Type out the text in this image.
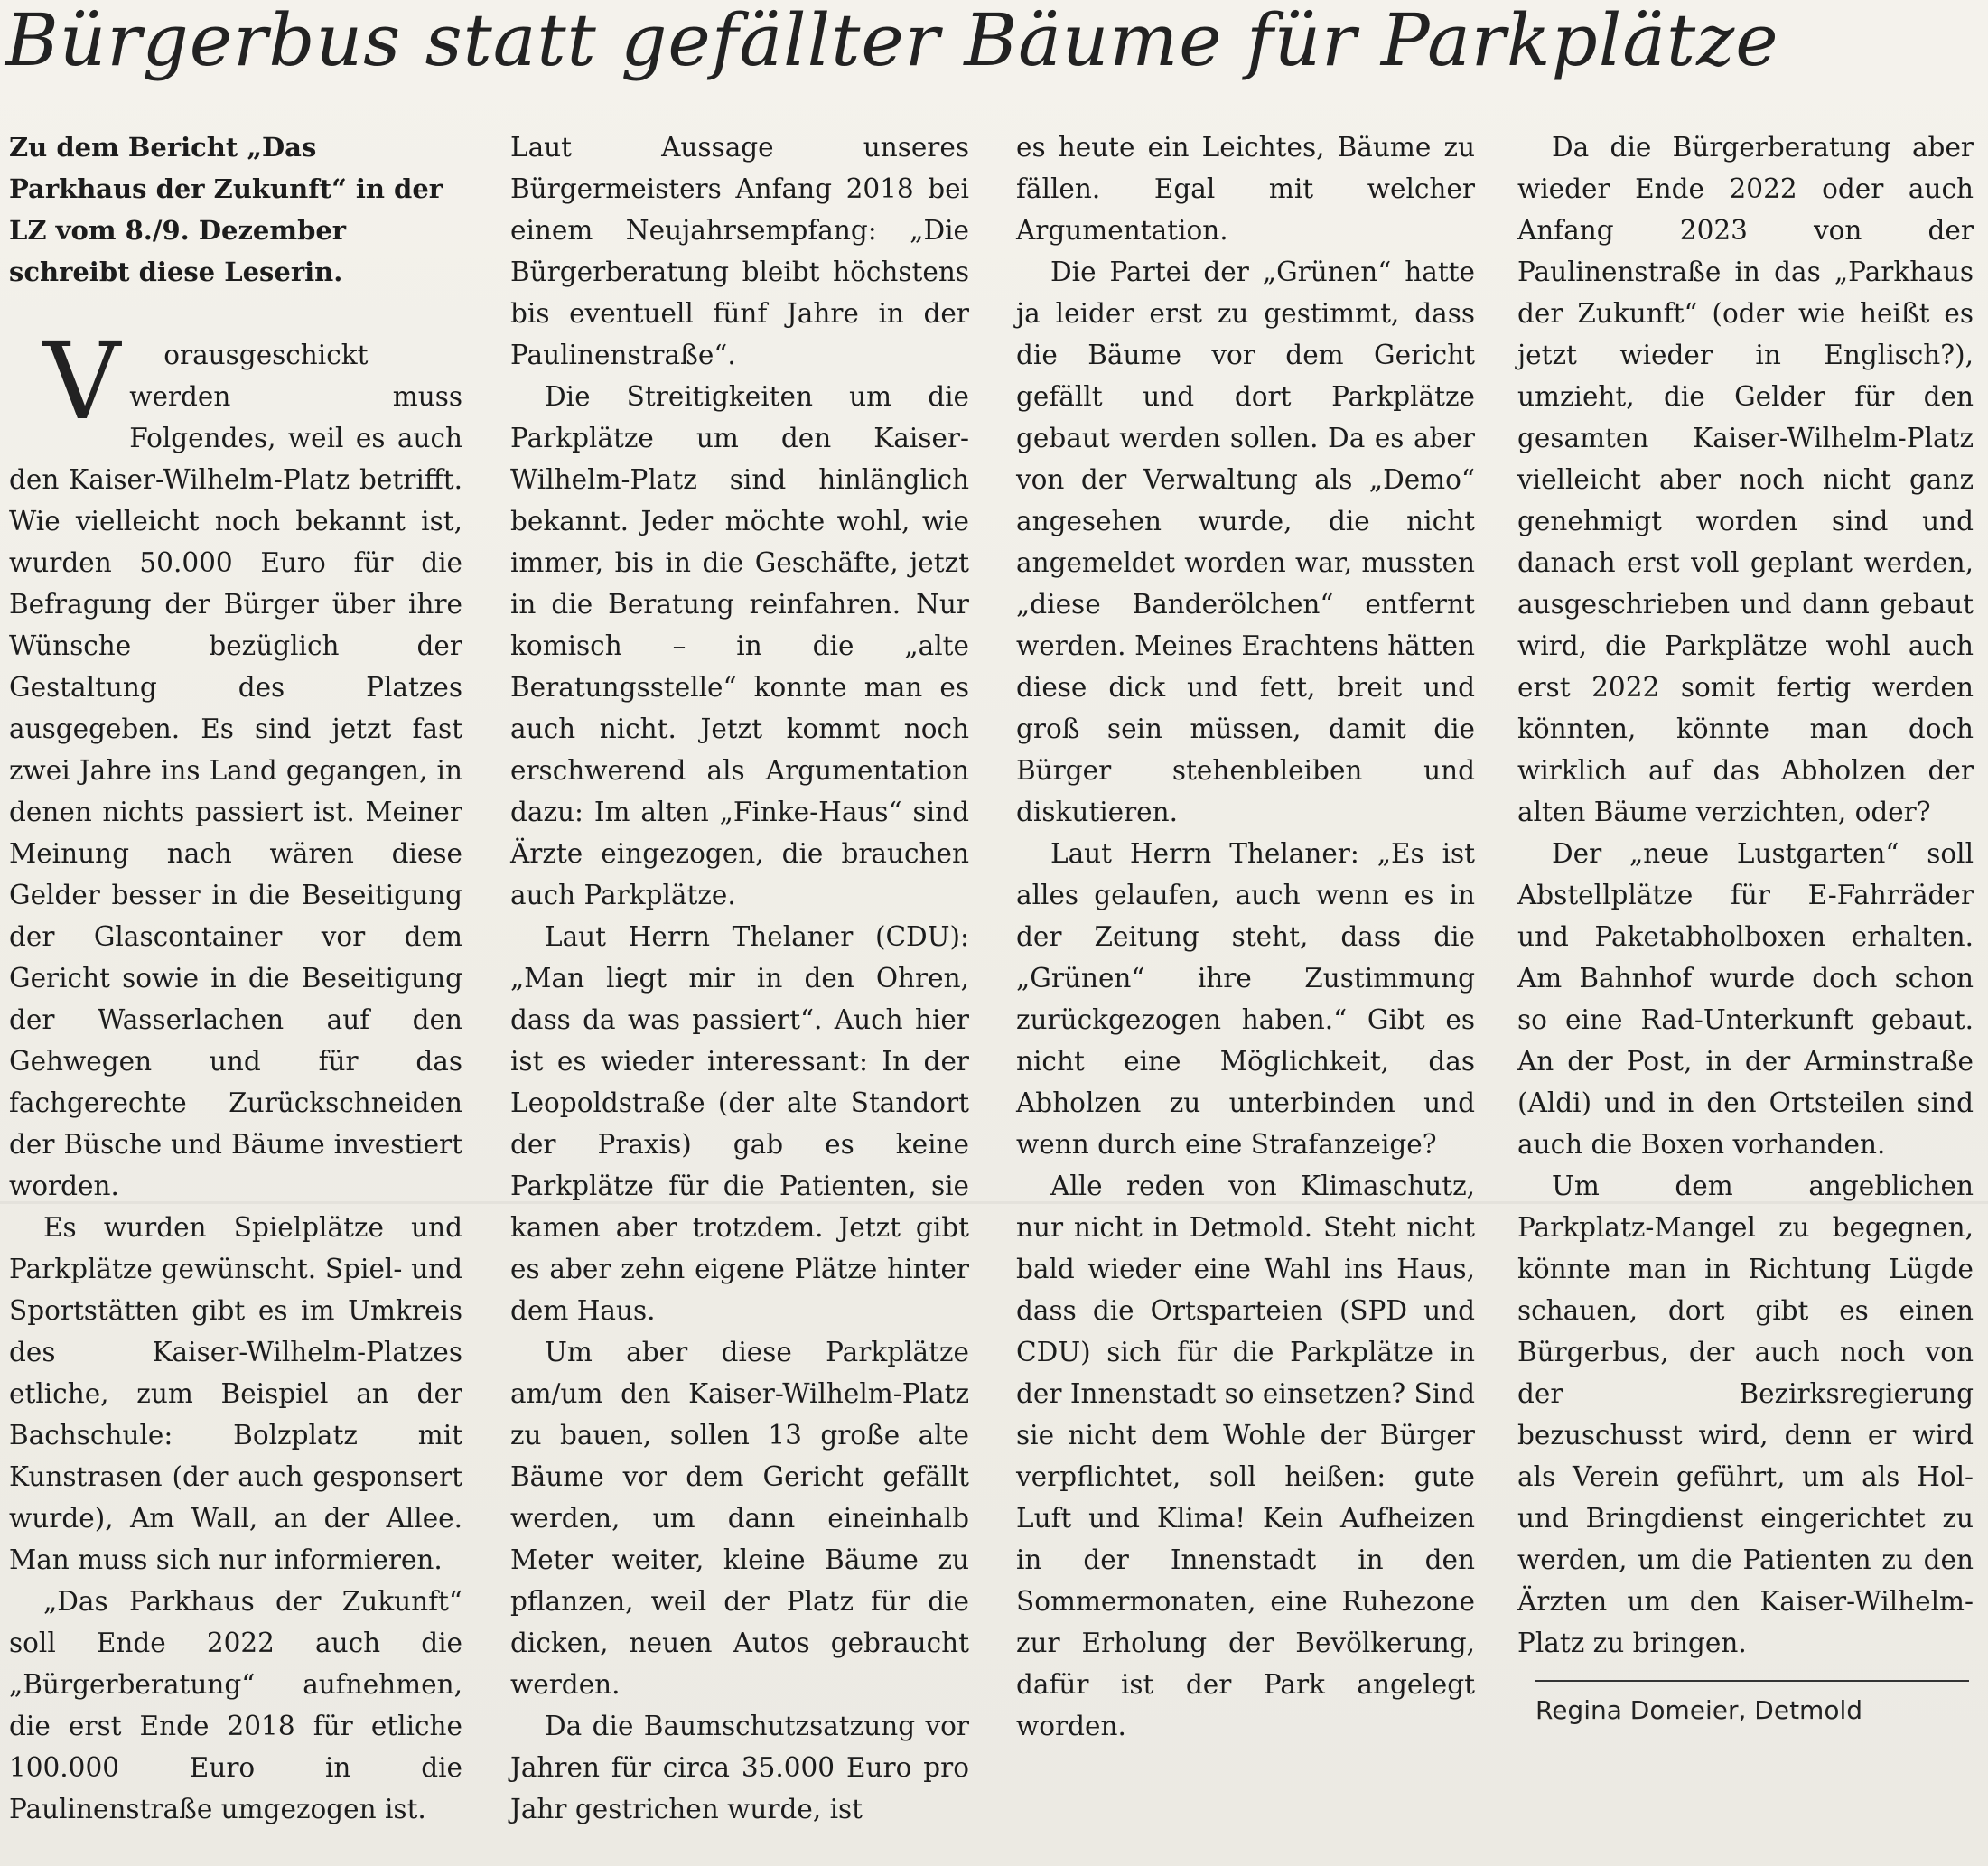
Bürgerbus statt gefällter Bäume für Parkplätze
Zu dem Bericht „Das Parkhaus der Zukunft“ in der LZ vom 8./9. Dezember schreibt diese Leserin.

V orausgeschickt werden muss Folgendes, weil es auch den Kaiser-Wilhelm-Platz betrifft. Wie vielleicht noch bekannt ist, wurden 50.000 Euro für die Befragung der Bürger über ihre Wünsche bezüglich der Gestaltung des Platzes ausgegeben. Es sind jetzt fast zwei Jahre ins Land gegangen, in denen nichts passiert ist. Meiner Meinung nach wären diese Gelder besser in die Beseitigung der Glascontainer vor dem Gericht sowie in die Beseitigung der Wasserlachen auf den Gehwegen und für das fachgerechte Zurückschneiden der Büsche und Bäume investiert worden.

Es wurden Spielplätze und Parkplätze gewünscht. Spiel- und Sportstätten gibt es im Umkreis des Kaiser-Wilhelm-Platzes etliche, zum Beispiel an der Bachschule: Bolzplatz mit Kunstrasen (der auch gesponsert wurde), Am Wall, an der Allee. Man muss sich nur informieren.

„Das Parkhaus der Zukunft“ soll Ende 2022 auch die „Bürgerberatung“ aufnehmen, die erst Ende 2018 für etliche 100.000 Euro in die Paulinenstraße umgezogen ist.

Laut Aussage unseres Bürgermeisters Anfang 2018 bei einem Neujahrsempfang: „Die Bürgerberatung bleibt höchstens bis eventuell fünf Jahre in der Paulinenstraße“.

Die Streitigkeiten um die Parkplätze um den Kaiser-Wilhelm-Platz sind hinlänglich bekannt. Jeder möchte wohl, wie immer, bis in die Geschäfte, jetzt in die Beratung reinfahren. Nur komisch – in die „alte Beratungsstelle“ konnte man es auch nicht. Jetzt kommt noch erschwerend als Argumentation dazu: Im alten „Finke-Haus“ sind Ärzte eingezogen, die brauchen auch Parkplätze.

Laut Herrn Thelaner (CDU): „Man liegt mir in den Ohren, dass da was passiert“. Auch hier ist es wieder interessant: In der Leopoldstraße (der alte Standort der Praxis) gab es keine Parkplätze für die Patienten, sie kamen aber trotzdem. Jetzt gibt es aber zehn eigene Plätze hinter dem Haus.

Um aber diese Parkplätze am/um den Kaiser-Wilhelm-Platz zu bauen, sollen 13 große alte Bäume vor dem Gericht gefällt werden, um dann eineinhalb Meter weiter, kleine Bäume zu pflanzen, weil der Platz für die dicken, neuen Autos gebraucht werden.

Da die Baumschutzsatzung vor Jahren für circa 35.000 Euro pro Jahr gestrichen wurde, ist

es heute ein Leichtes, Bäume zu fällen. Egal mit welcher Argumentation.

Die Partei der „Grünen“ hatte ja leider erst zu gestimmt, dass die Bäume vor dem Gericht gefällt und dort Parkplätze gebaut werden sollen. Da es aber von der Verwaltung als „Demo“ angesehen wurde, die nicht angemeldet worden war, mussten „diese Banderölchen“ entfernt werden. Meines Erachtens hätten diese dick und fett, breit und groß sein müssen, damit die Bürger stehenbleiben und diskutieren.

Laut Herrn Thelaner: „Es ist alles gelaufen, auch wenn es in der Zeitung steht, dass die „Grünen“ ihre Zustimmung zurückgezogen haben.“ Gibt es nicht eine Möglichkeit, das Abholzen zu unterbinden und wenn durch eine Strafanzeige?

Alle reden von Klimaschutz, nur nicht in Detmold. Steht nicht bald wieder eine Wahl ins Haus, dass die Ortsparteien (SPD und CDU) sich für die Parkplätze in der Innenstadt so einsetzen? Sind sie nicht dem Wohle der Bürger verpflichtet, soll heißen: gute Luft und Klima! Kein Aufheizen in der Innenstadt in den Sommermonaten, eine Ruhezone zur Erholung der Bevölkerung, dafür ist der Park angelegt worden.

Da die Bürgerberatung aber wieder Ende 2022 oder auch Anfang 2023 von der Paulinenstraße in das „Parkhaus der Zukunft“ (oder wie heißt es jetzt wieder in Englisch?), umzieht, die Gelder für den gesamten Kaiser-Wilhelm-Platz vielleicht aber noch nicht ganz genehmigt worden sind und danach erst voll geplant werden, ausgeschrieben und dann gebaut wird, die Parkplätze wohl auch erst 2022 somit fertig werden könnten, könnte man doch wirklich auf das Abholzen der alten Bäume verzichten, oder?

Der „neue Lustgarten“ soll Abstellplätze für E-Fahrräder und Paketabholboxen erhalten. Am Bahnhof wurde doch schon so eine Rad-Unterkunft gebaut. An der Post, in der Arminstraße (Aldi) und in den Ortsteilen sind auch die Boxen vorhanden.

Um dem angeblichen Parkplatz-Mangel zu begegnen, könnte man in Richtung Lügde schauen, dort gibt es einen Bürgerbus, der auch noch von der Bezirksregierung bezuschusst wird, denn er wird als Verein geführt, um als Hol- und Bringdienst eingerichtet zu werden, um die Patienten zu den Ärzten um den Kaiser-Wilhelm-Platz zu bringen.

Regina Domeier, Detmold
